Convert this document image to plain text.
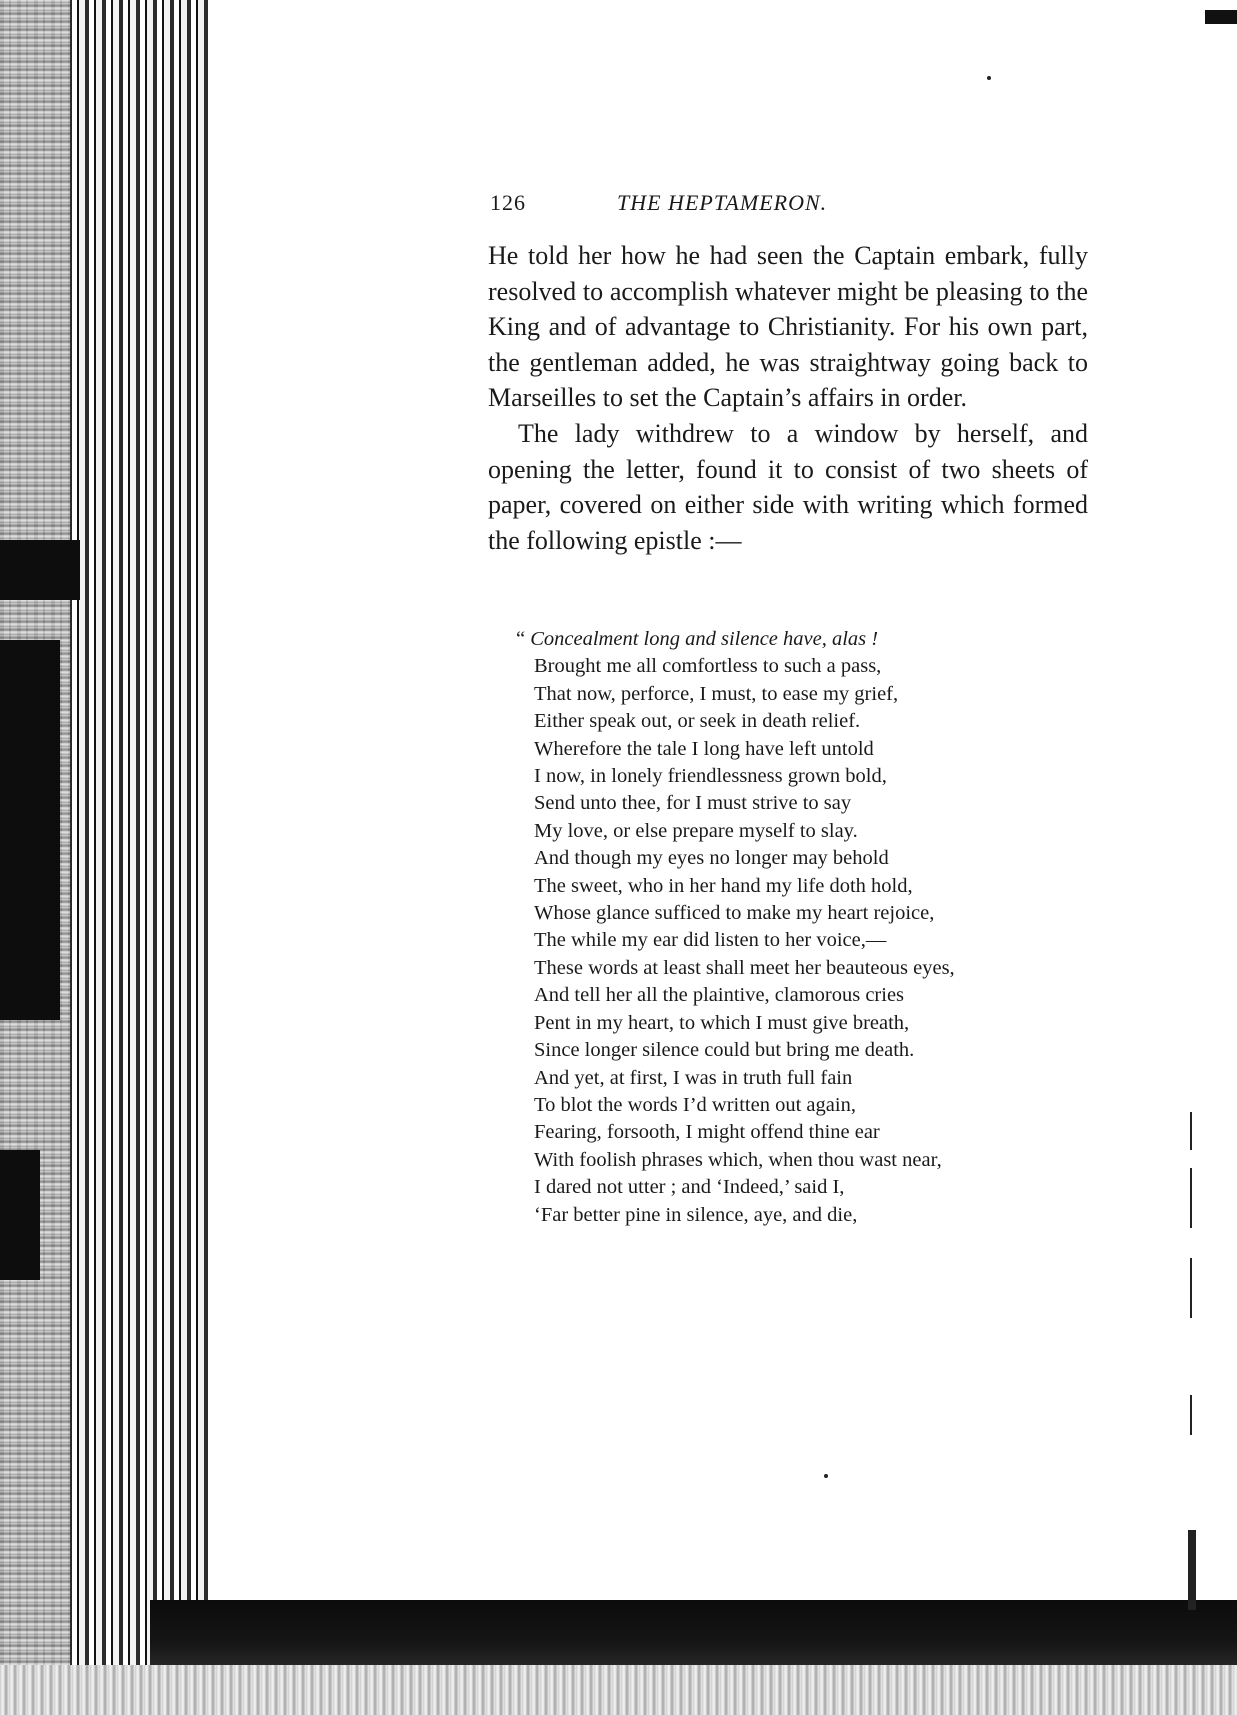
126	THE HEPTAMERON.

He told her how he had seen the Captain embark, fully resolved to accomplish whatever might be pleasing to the King and of advantage to Christianity. For his own part, the gentleman added, he was straightway going back to Marseilles to set the Captain’s affairs in order.

The lady withdrew to a window by herself, and opening the letter, found it to consist of two sheets of paper, covered on either side with writing which formed the following epistle :—

“ Concealment long and silence have, alas !
Brought me all comfortless to such a pass,
That now, perforce, I must, to ease my grief,
Either speak out, or seek in death relief.
Wherefore the tale I long have left untold
I now, in lonely friendlessness grown bold,
Send unto thee, for I must strive to say
My love, or else prepare myself to slay.
And though my eyes no longer may behold
The sweet, who in her hand my life doth hold,
Whose glance sufficed to make my heart rejoice,
The while my ear did listen to her voice,—
These words at least shall meet her beauteous eyes,
And tell her all the plaintive, clamorous cries
Pent in my heart, to which I must give breath,
Since longer silence could but bring me death.
And yet, at first, I was in truth full fain
To blot the words I’d written out again,
Fearing, forsooth, I might offend thine ear
With foolish phrases which, when thou wast near,
I dared not utter ; and ‘Indeed,’ said I,
‘Far better pine in silence, aye, and die,
